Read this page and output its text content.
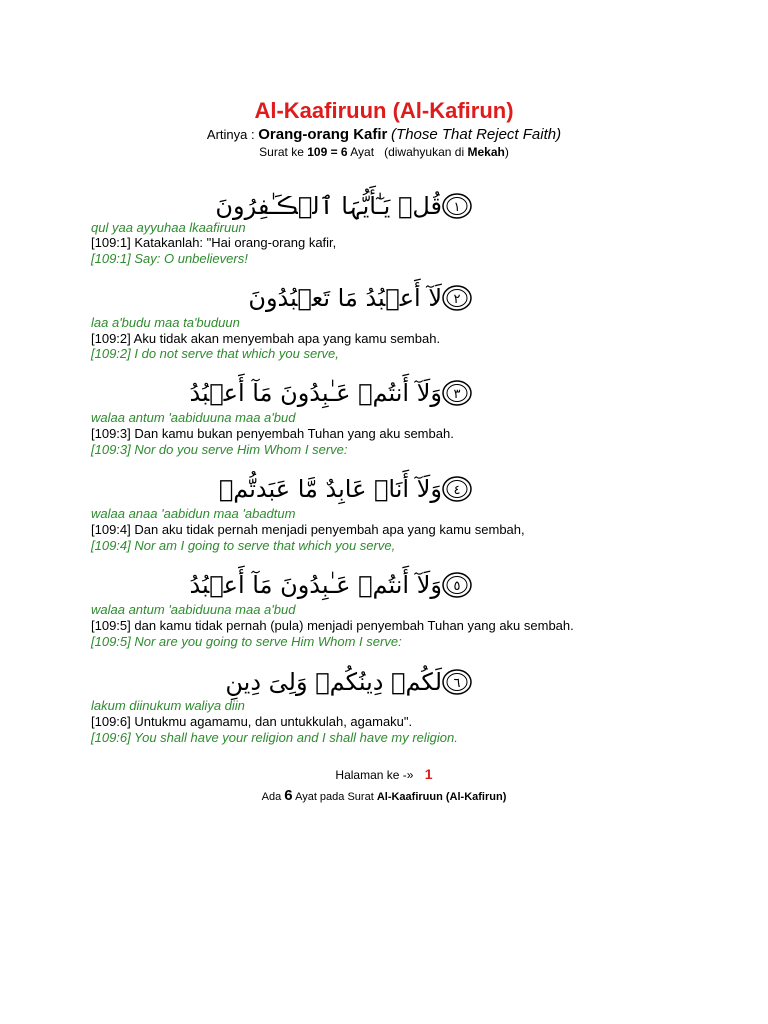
Al-Kaafiruun (Al-Kafirun)
Artinya : Orang-orang Kafir (Those That Reject Faith)
Surat ke 109 = 6 Ayat (diwahyukan di Mekah)
١
قُلۡ يَـٰٓأَيُّہَا ٱلۡڪَـٰفِرُونَ
qul yaa ayyuhaa lkaafiruun
[109:1] Katakanlah: "Hai orang-orang kafir,
[109:1] Say: O unbelievers!
٢
لَآ أَعۡبُدُ مَا تَعۡبُدُونَ
laa a'budu maa ta'buduun
[109:2] Aku tidak akan menyembah apa yang kamu sembah.
[109:2] I do not serve that which you serve,
٣
وَلَآ أَنتُمۡ عَـٰبِدُونَ مَآ أَعۡبُدُ
walaa antum 'aabiduuna maa a'bud
[109:3] Dan kamu bukan penyembah Tuhan yang aku sembah.
[109:3] Nor do you serve Him Whom I serve:
٤
وَلَآ أَنَا۟ عَابِدٌ مَّا عَبَدتُّمۡ
walaa anaa 'aabidun maa 'abadtum
[109:4] Dan aku tidak pernah menjadi penyembah apa yang kamu sembah,
[109:4] Nor am I going to serve that which you serve,
٥
وَلَآ أَنتُمۡ عَـٰبِدُونَ مَآ أَعۡبُدُ
walaa antum 'aabiduuna maa a'bud
[109:5] dan kamu tidak pernah (pula) menjadi penyembah Tuhan yang aku sembah.
[109:5] Nor are you going to serve Him Whom I serve:
٦
لَكُمۡ دِينُكُمۡ وَلِىَ دِينِ
lakum diinukum waliya diin
[109:6] Untukmu agamamu, dan untukkulah, agamaku".
[109:6] You shall have your religion and I shall have my religion.
Halaman ke -» 1
Ada 6 Ayat pada Surat Al-Kaafiruun (Al-Kafirun)
